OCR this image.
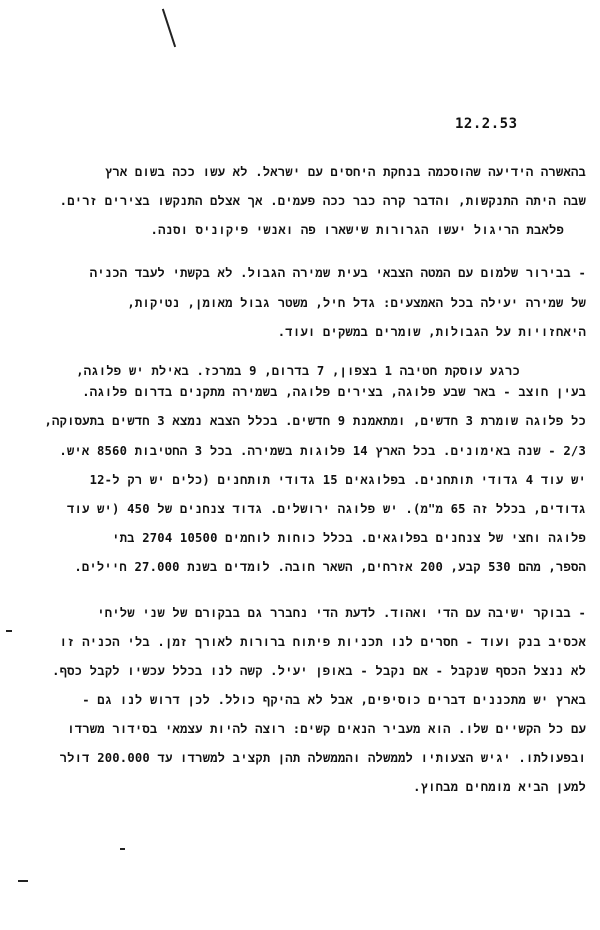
12.2.53
בהאשרה הידיעה שהוסכמה בנחקת היחסים עם ישראל. לא עשו ככה בשום ארץ
שבה היתה התנקשות, והדבר קרה כבר ככה פעמים. אך אצלם התנקשו בצירים זרים.
פלאבת הריגול יעשו הגרורות שישארו פה ואנשי פיקוניס וסנה.
- בבירור שלמום עם המטה הצבאי בעית שמירה הגבול. לא בקשתי לעבד הכניה
של שמירה יעילה בכל האמצעים: גדל חיל, משטר גבול מאומן, נטיקות,
היאחזויות על הגבולות, שומרים במשקים ועוד.
כרגע עוסקת חטיבה 1 בצפון, 7 בדרום, 9 במרכז. באילת יש פלוגה,
בעין חוצב - באר שבע פלוגה, בצירים פלוגה, בשמירה מתקנים בדרום פלוגה.
כל פלוגה שומרת 3 חדשים, ומתאמנת 9 חדשים. בכלל הצבא נמצא 3 חדשים בתעסוקה,
2/3 - שנה באימונים. בכל הארץ 14 פלוגות בשמירה. בכל 3 החטיבות 8560 איש.
יש עוד 4 גדודי תותחנים. בפלוגאים 15 גדודי תותחנים (כלים יש רק ל-12
גדודים, בכלל זה 65 מ"מ). יש פלוגה ירושלים. גדוד צנחנים של 450 (יש עוד
פלוגה וחצי של צנחנים בפלוגאים. בכלל כוחות לוחמים 10500 2704 בתי
הספר, מהם 530 קבע, 200 אזרחים, השאר חובה. לומדים בשנת 27.000 חיילים.
- בבוקר ישיבה עם הדי ואהוד. לדעת הדי נחברר גם בבקורם של שני שליחי
אכסיב בנק ועוד - חסרים לנו תכניות פיתוח ברורות לאורך זמן. בלי הכניה זו
לא ננצל הכסף שנקבל - אם נקבל - באופן יעיל. קשה לנו בכלל עכשיו לקבל כסף.
בארץ יש מתכננים דברים כוסיפים, אבל לא בהיקף כולל. לכן דרוש לנו גם -
עם כל הקשיים שלו. הוא מעביר הנאים קשים: רוצה להיות עצמאי בסידור משרדו
ובפעולתו. יגיש הצעותיו לממשלה והממשלה תהן תקציב למשרדו עד 200.000 דולר
למען הביא מומחים מבחוץ.
